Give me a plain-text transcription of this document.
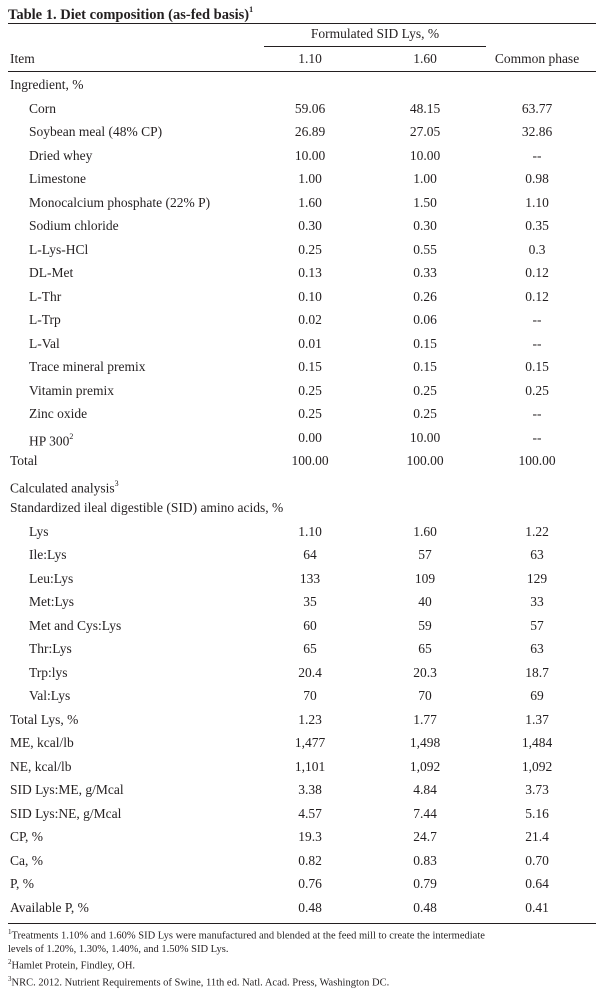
Table 1. Diet composition (as-fed basis)$^1$
Formulated SID Lys, %
Item	1.10	1.60	Common phase
Ingredient, %
Corn	59.06	48.15	63.77
Soybean meal (48% CP)	26.89	27.05	32.86
Dried whey	10.00	10.00	--
Limestone	1.00	1.00	0.98
Monocalcium phosphate (22% P)	1.60	1.50	1.10
Sodium chloride	0.30	0.30	0.35
L-Lys-HCl	0.25	0.55	0.3
DL-Met	0.13	0.33	0.12
L-Thr	0.10	0.26	0.12
L-Trp	0.02	0.06	--
L-Val	0.01	0.15	--
Trace mineral premix	0.15	0.15	0.15
Vitamin premix	0.25	0.25	0.25
Zinc oxide	0.25	0.25	--
HP $300^2$	0.00	10.00	--
Total	100.00	100.00	100.00
Calculated analysis$^3$
Standardized ileal digestible (SID) amino acids, %
Lys	1.10	1.60	1.22
Ile:Lys	64	57	63
Leu:Lys	133	109	129
Met:Lys	35	40	33
Met and Cys:Lys	60	59	57
Thr:Lys	65	65	63
Trp:lys	20.4	20.3	18.7
Val:Lys	70	70	69
Total Lys, %	1.23	1.77	1.37
ME, kcal/lb	1,477	1,498	1,484
NE, kcal/lb	1,101	1,092	1,092
SID Lys:ME, g/Mcal	3.38	4.84	3.73
SID Lys:NE, g/Mcal	4.57	7.44	5.16
CP, %	19.3	24.7	21.4
Ca, %	0.82	0.83	0.70
P, %	0.76	0.79	0.64
Available P, %	0.48	0.48	0.41
$^1$Treatments 1.10% and 1.60% SID Lys were manufactured and blended at the feed mill to create the intermediate
levels of 1.20%, 1.30%, 1.40%, and 1.50% SID Lys.
$^2$Hamlet Protein, Findley, OH.
$^3$NRC. 2012. Nutrient Requirements of Swine, 11th ed. Natl. Acad. Press, Washington DC.
